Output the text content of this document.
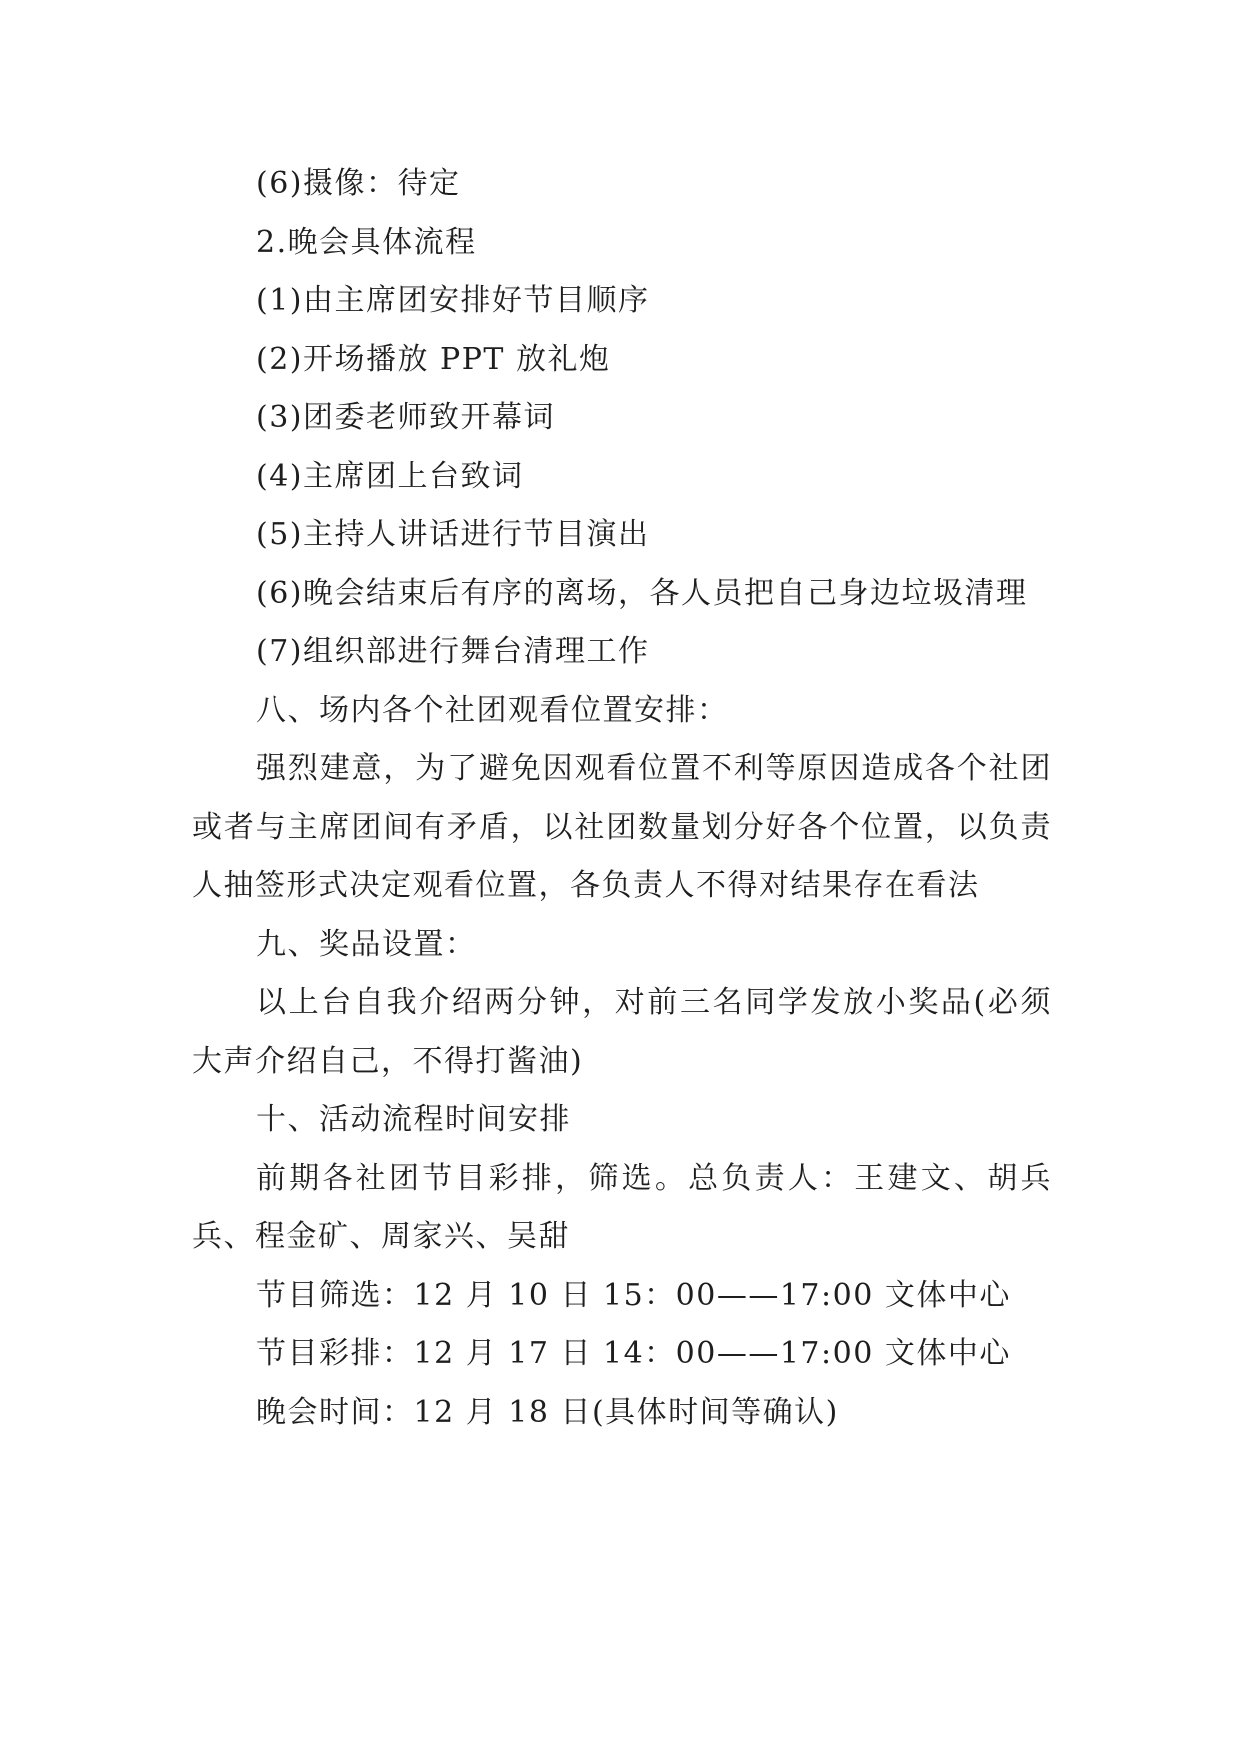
(6)摄像：待定

2.晚会具体流程

(1)由主席团安排好节目顺序

(2)开场播放 PPT 放礼炮

(3)团委老师致开幕词

(4)主席团上台致词

(5)主持人讲话进行节目演出

(6)晚会结束后有序的离场，各人员把自己身边垃圾清理

(7)组织部进行舞台清理工作

八、场内各个社团观看位置安排：

强烈建意，为了避免因观看位置不利等原因造成各个社团或者与主席团间有矛盾，以社团数量划分好各个位置，以负责人抽签形式决定观看位置，各负责人不得对结果存在看法

九、奖品设置：

以上台自我介绍两分钟，对前三名同学发放小奖品(必须大声介绍自己，不得打酱油)

十、活动流程时间安排

前期各社团节目彩排，筛选。总负责人：王建文、胡兵兵、程金矿、周家兴、吴甜

节目筛选：12 月 10 日 15：00——17:00 文体中心

节目彩排：12 月 17 日 14：00——17:00 文体中心

晚会时间：12 月 18 日(具体时间等确认)
